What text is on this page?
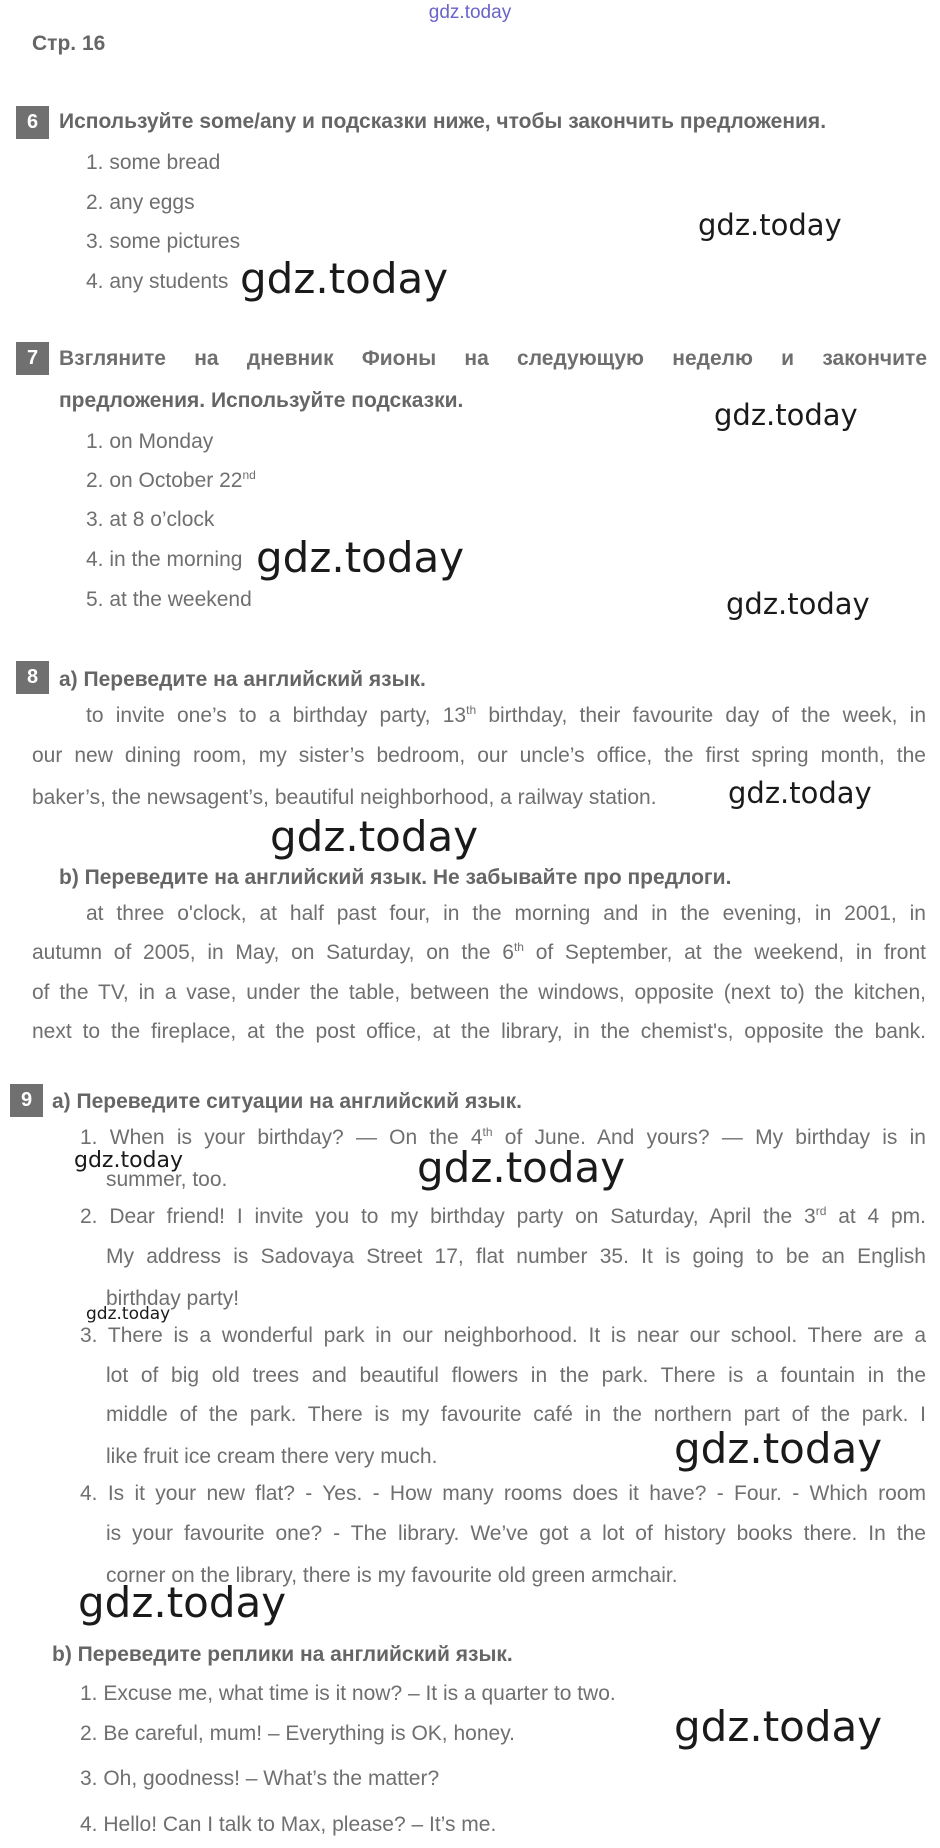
gdz.today
Стр. 16
6 Используйте some/any и подсказки ниже, чтобы закончить предложения.
1. some bread
2. any eggs
3. some pictures
4. any students
7 Взгляните на дневник Фионы на следующую неделю и закончите
предложения. Используйте подсказки.
1. on Monday
2. on October 22nd
3. at 8 o’clock
4. in the morning
5. at the weekend
8 a) Переведите на английский язык.
to invite one’s to a birthday party, 13th birthday, their favourite day of the week, in
our new dining room, my sister’s bedroom, our uncle’s office, the first spring month, the
baker’s, the newsagent’s, beautiful neighborhood, a railway station.
b) Переведите на английский язык. Не забывайте про предлоги.
at three o'clock, at half past four, in the morning and in the evening, in 2001, in
autumn of 2005, in May, on Saturday, on the 6th of September, at the weekend, in front
of the TV, in a vase, under the table, between the windows, opposite (next to) the kitchen,
next to the fireplace, at the post office, at the library, in the chemist's, opposite the bank.
9 a) Переведите ситуации на английский язык.
1. When is your birthday? — On the 4th of June. And yours? — My birthday is in
summer, too.
2. Dear friend! I invite you to my birthday party on Saturday, April the 3rd at 4 pm.
My address is Sadovaya Street 17, flat number 35. It is going to be an English
birthday party!
3. There is a wonderful park in our neighborhood. It is near our school. There are a
lot of big old trees and beautiful flowers in the park. There is a fountain in the
middle of the park. There is my favourite café in the northern part of the park. I
like fruit ice cream there very much.
4. Is it your new flat? - Yes. - How many rooms does it have? - Four. - Which room
is your favourite one? - The library. We’ve got a lot of history books there. In the
corner on the library, there is my favourite old green armchair.
b) Переведите реплики на английский язык.
1. Excuse me, what time is it now? – It is a quarter to two.
2. Be careful, mum! – Everything is OK, honey.
3. Oh, goodness! – What’s the matter?
4. Hello! Can I talk to Max, please? – It’s me.
gdz.today
gdz.today
gdz.today
gdz.today
gdz.today
gdz.today
gdz.today
gdz.today	gdz.today
gdz.today
gdz.today
gdz.today
gdz.today
